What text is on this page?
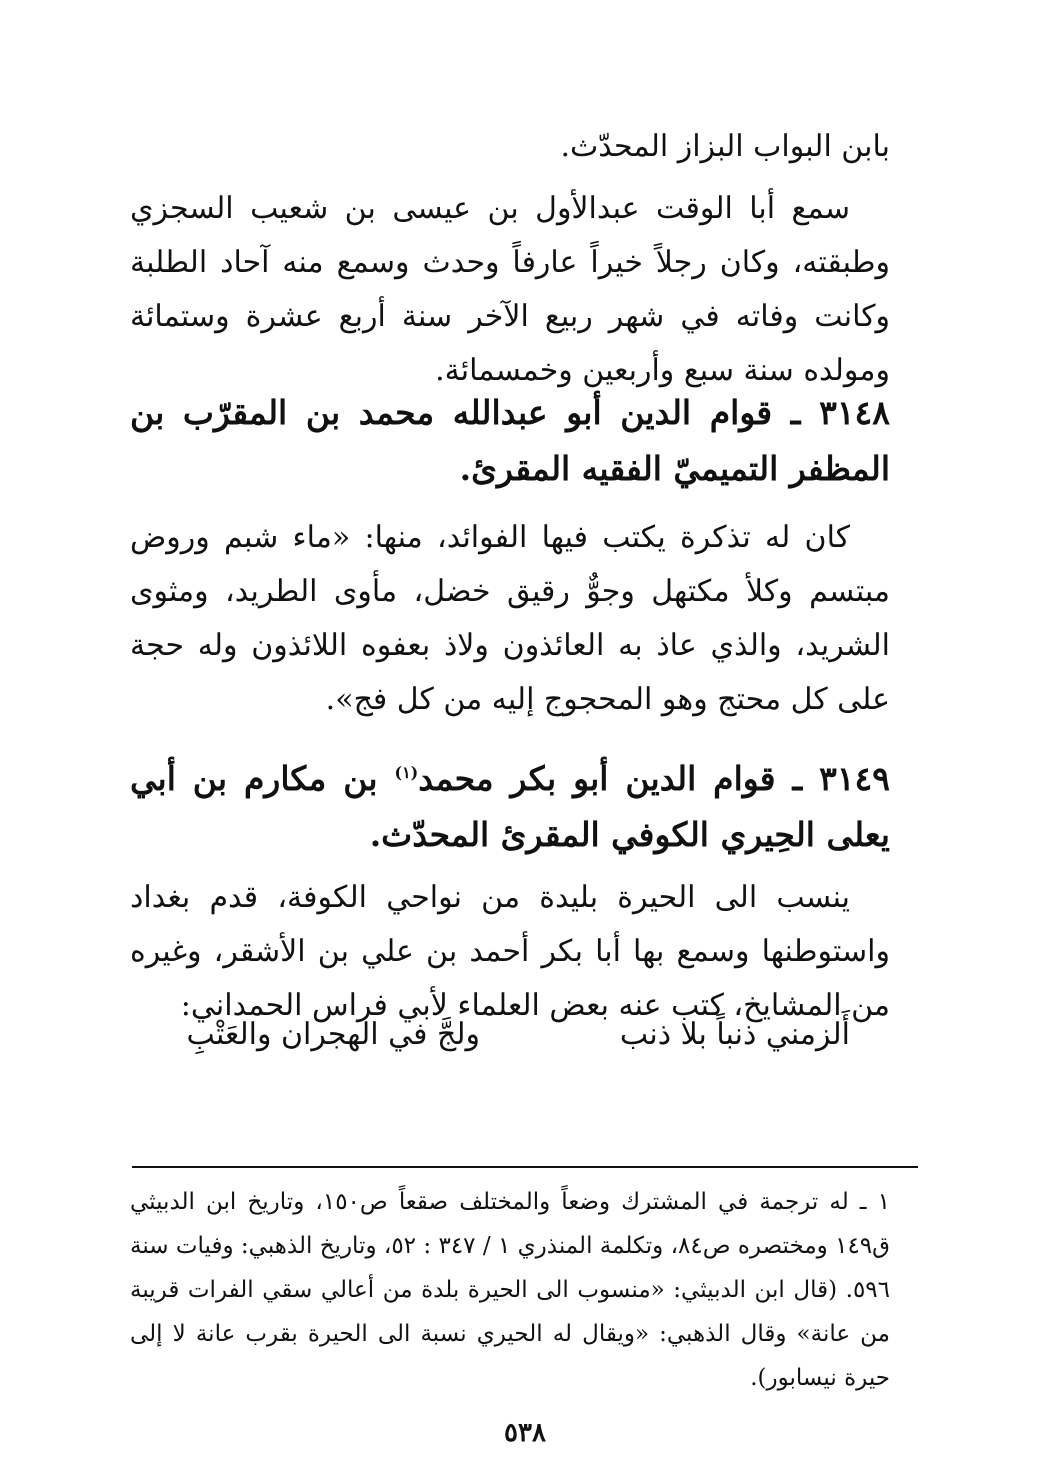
بابن البواب البزاز المحدّث.

سمع أبا الوقت عبدالأول بن عيسى بن شعيب السجزي وطبقته، وكان رجلاً خيراً عارفاً وحدث وسمع منه آحاد الطلبة وكانت وفاته في شهر ربيع الآخر سنة أربع عشرة وستمائة ومولده سنة سبع وأربعين وخمسمائة.

٣١٤٨ ـ قوام الدين أبو عبدالله محمد بن المقرّب بن المظفر التميميّ الفقيه المقرئ.

كان له تذكرة يكتب فيها الفوائد، منها: «ماء شبم وروض مبتسم وكلأ مكتهل وجوٌّ رقيق خضل، مأوى الطريد، ومثوى الشريد، والذي عاذ به العائذون ولاذ بعفوه اللائذون وله حجة على كل محتج وهو المحجوج إليه من كل فج».

٣١٤٩ ـ قوام الدين أبو بكر محمد$^{(١)}$ بن مكارم بن أبي يعلى الحِيري الكوفي المقرئ المحدّث.

ينسب الى الحيرة بليدة من نواحي الكوفة، قدم بغداد واستوطنها وسمع بها أبا بكر أحمد بن علي بن الأشقر، وغيره من المشايخ، كتب عنه بعض العلماء لأبي فراس الحمداني:

أَلزمني ذنباً بلا ذنب
ولجَّ في الهجران والعَتْبِ

١ ـ له ترجمة في المشترك وضعاً والمختلف صقعاً ص١٥٠، وتاريخ ابن الدبيثي ق١٤٩ ومختصره ص٨٤، وتكلمة المنذري ١ / ٣٤٧ : ٥٢، وتاريخ الذهبي: وفيات سنة ٥٩٦. (قال ابن الدبيثي: «منسوب الى الحيرة بلدة من أعالي سقي الفرات قريبة من عانة» وقال الذهبي: «ويقال له الحيري نسبة الى الحيرة بقرب عانة لا إلى حيرة نيسابور).

٥٣٨
